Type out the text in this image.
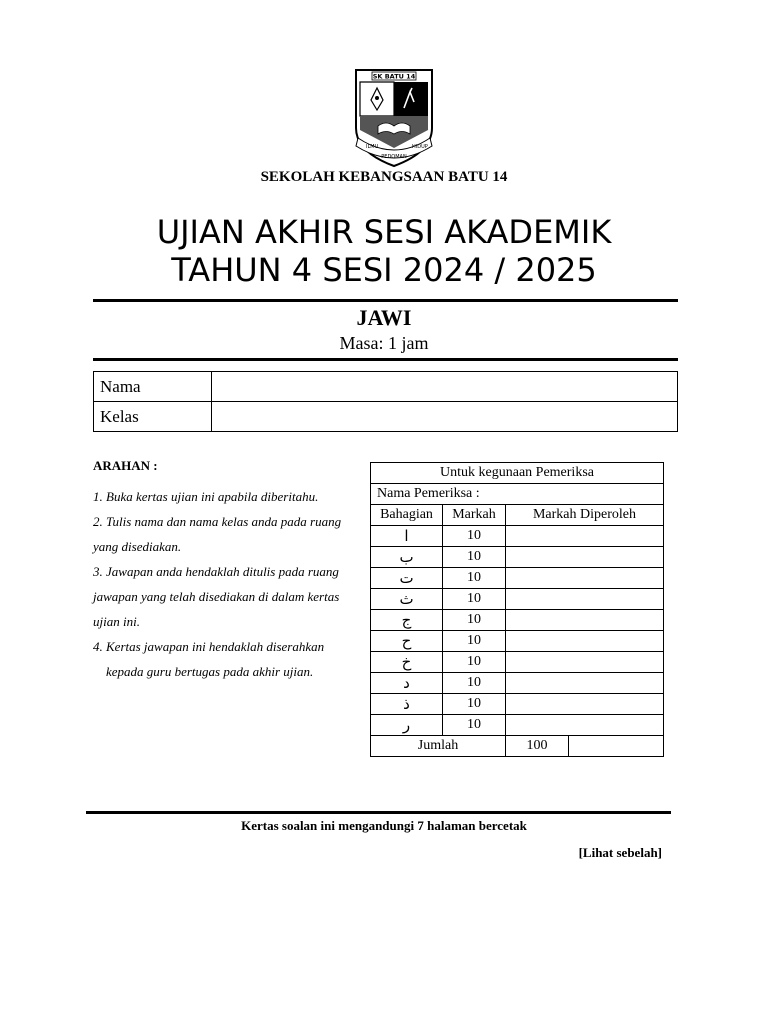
SK BATU 14
ILMU
PEDOMAN
HIDUP
SEKOLAH KEBANGSAAN BATU 14
UJIAN AKHIR SESI AKADEMIK
TAHUN 4 SESI 2024 / 2025
JAWI
Masa: 1 jam
Nama	
Kelas	
ARAHAN :
1. Buka kertas ujian ini apabila diberitahu.
2. Tulis nama dan nama kelas anda pada ruang
yang disediakan.
3. Jawapan anda hendaklah ditulis pada ruang
jawapan yang telah disediakan di dalam kertas
ujian ini.
4. Kertas jawapan ini hendaklah diserahkan
kepada guru bertugas pada akhir ujian.
Untuk kegunaan Pemeriksa			
Nama Pemeriksa :			
Bahagian	Markah	Markah Diperoleh	
ا	10		
ب	10		
ت	10		
ث	10		
ج	10		
ح	10		
خ	10		
د	10		
ذ	10		
ر	10		
Jumlah		100	
Kertas soalan ini mengandungi 7 halaman bercetak
[Lihat sebelah]
